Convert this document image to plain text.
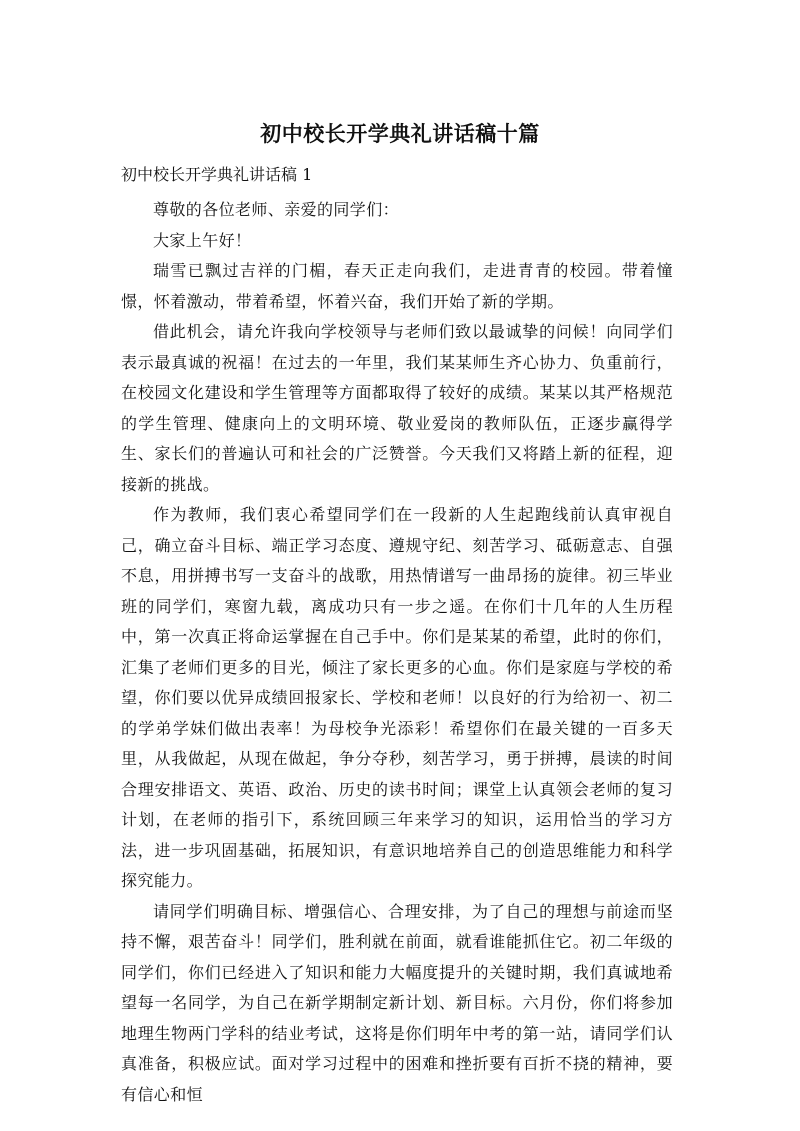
初中校长开学典礼讲话稿十篇
初中校长开学典礼讲话稿 1

尊敬的各位老师、亲爱的同学们：

大家上午好！

瑞雪已飘过吉祥的门楣，春天正走向我们，走进青青的校园。带着憧憬，怀着激动，带着希望，怀着兴奋，我们开始了新的学期。

借此机会，请允许我向学校领导与老师们致以最诚挚的问候！向同学们表示最真诚的祝福！在过去的一年里，我们某某师生齐心协力、负重前行，在校园文化建设和学生管理等方面都取得了较好的成绩。某某以其严格规范的学生管理、健康向上的文明环境、敬业爱岗的教师队伍，正逐步赢得学生、家长们的普遍认可和社会的广泛赞誉。今天我们又将踏上新的征程，迎接新的挑战。

作为教师，我们衷心希望同学们在一段新的人生起跑线前认真审视自己，确立奋斗目标、端正学习态度、遵规守纪、刻苦学习、砥砺意志、自强不息，用拼搏书写一支奋斗的战歌，用热情谱写一曲昂扬的旋律。初三毕业班的同学们，寒窗九载，离成功只有一步之遥。在你们十几年的人生历程中，第一次真正将命运掌握在自己手中。你们是某某的希望，此时的你们，汇集了老师们更多的目光，倾注了家长更多的心血。你们是家庭与学校的希望，你们要以优异成绩回报家长、学校和老师！以良好的行为给初一、初二的学弟学妹们做出表率！为母校争光添彩！希望你们在最关键的一百多天里，从我做起，从现在做起，争分夺秒，刻苦学习，勇于拼搏，晨读的时间合理安排语文、英语、政治、历史的读书时间；课堂上认真领会老师的复习计划，在老师的指引下，系统回顾三年来学习的知识，运用恰当的学习方法，进一步巩固基础，拓展知识，有意识地培养自己的创造思维能力和科学探究能力。

请同学们明确目标、增强信心、合理安排，为了自己的理想与前途而坚持不懈，艰苦奋斗！同学们，胜利就在前面，就看谁能抓住它。初二年级的同学们，你们已经进入了知识和能力大幅度提升的关键时期，我们真诚地希望每一名同学，为自己在新学期制定新计划、新目标。六月份，你们将参加地理生物两门学科的结业考试，这将是你们明年中考的第一站，请同学们认真准备，积极应试。面对学习过程中的困难和挫折要有百折不挠的精神，要有信心和恒
